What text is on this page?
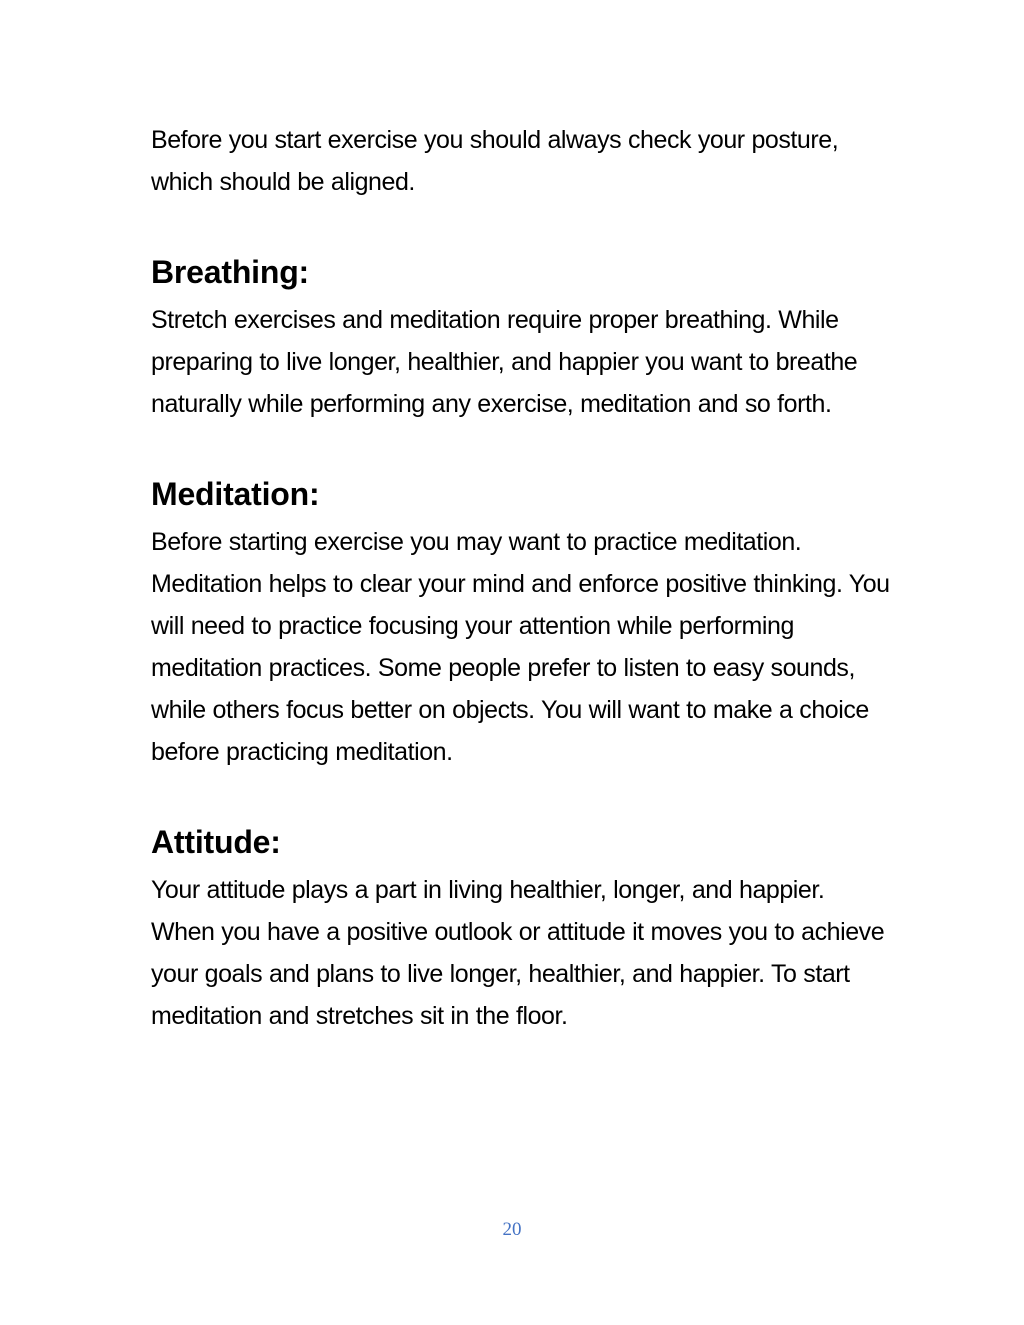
Before you start exercise you should always check your posture, which should be aligned.

Breathing:

Stretch exercises and meditation require proper breathing. While preparing to live longer, healthier, and happier you want to breathe naturally while performing any exercise, meditation and so forth.

Meditation:

Before starting exercise you may want to practice meditation. Meditation helps to clear your mind and enforce positive thinking. You will need to practice focusing your attention while performing meditation practices. Some people prefer to listen to easy sounds, while others focus better on objects. You will want to make a choice before practicing meditation.

Attitude:

Your attitude plays a part in living healthier, longer, and happier. When you have a positive outlook or attitude it moves you to achieve your goals and plans to live longer, healthier, and happier. To start meditation and stretches sit in the floor.

20
